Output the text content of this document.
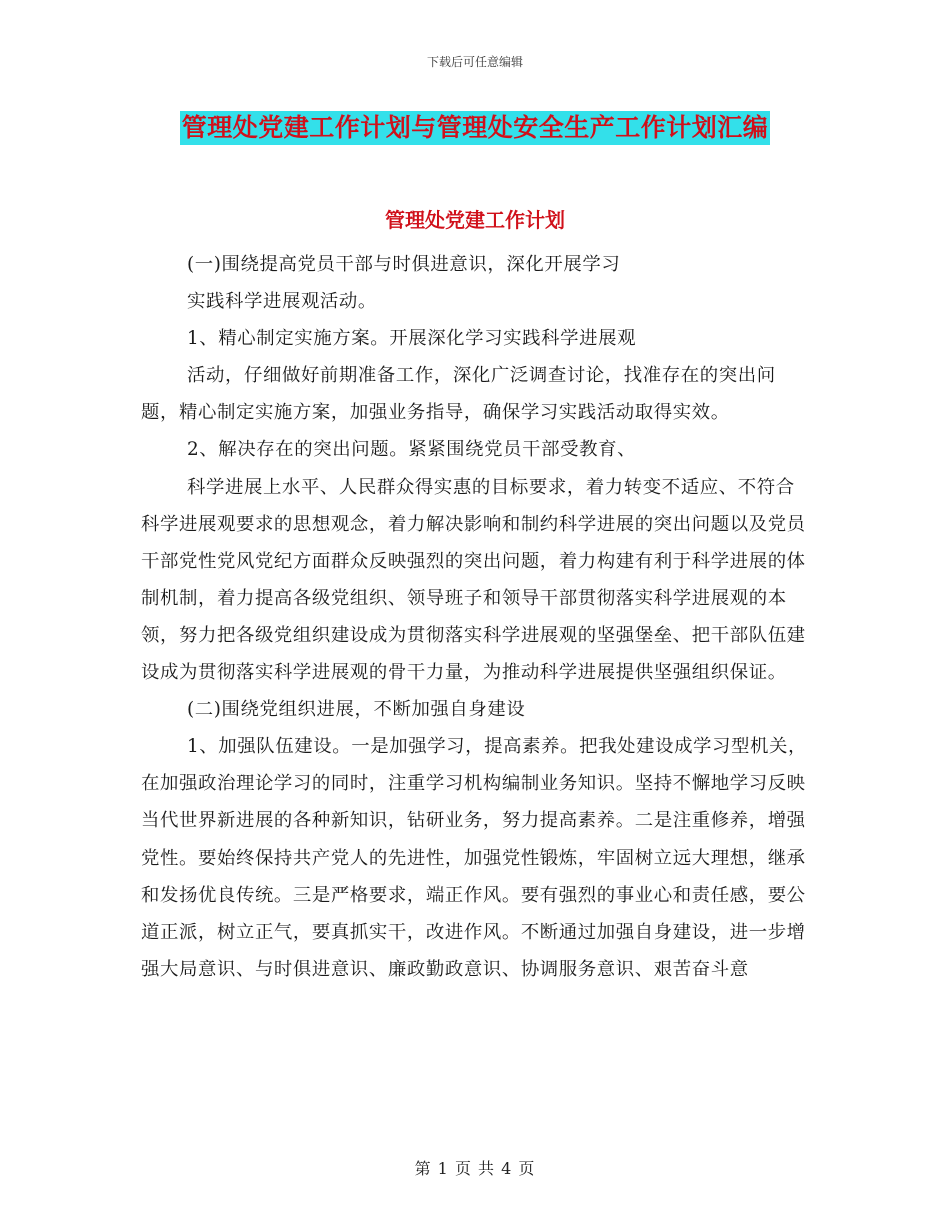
下载后可任意编辑
管理处党建工作计划与管理处安全生产工作计划汇编
管理处党建工作计划

(一)围绕提高党员干部与时俱进意识，深化开展学习

实践科学进展观活动。

1、精心制定实施方案。开展深化学习实践科学进展观

活动，仔细做好前期准备工作，深化广泛调查讨论，找准存在的突出问题，精心制定实施方案，加强业务指导，确保学习实践活动取得实效。

2、解决存在的突出问题。紧紧围绕党员干部受教育、

科学进展上水平、人民群众得实惠的目标要求，着力转变不适应、不符合科学进展观要求的思想观念，着力解决影响和制约科学进展的突出问题以及党员干部党性党风党纪方面群众反映强烈的突出问题，着力构建有利于科学进展的体制机制，着力提高各级党组织、领导班子和领导干部贯彻落实科学进展观的本领，努力把各级党组织建设成为贯彻落实科学进展观的坚强堡垒、把干部队伍建设成为贯彻落实科学进展观的骨干力量，为推动科学进展提供坚强组织保证。

(二)围绕党组织进展，不断加强自身建设

1、加强队伍建设。一是加强学习，提高素养。把我处建设成学习型机关，在加强政治理论学习的同时，注重学习机构编制业务知识。坚持不懈地学习反映当代世界新进展的各种新知识，钻研业务，努力提高素养。二是注重修养，增强党性。要始终保持共产党人的先进性，加强党性锻炼，牢固树立远大理想，继承和发扬优良传统。三是严格要求，端正作风。要有强烈的事业心和责任感，要公道正派，树立正气，要真抓实干，改进作风。不断通过加强自身建设，进一步增强大局意识、与时俱进意识、廉政勤政意识、协调服务意识、艰苦奋斗意

第 1 页 共 4 页
